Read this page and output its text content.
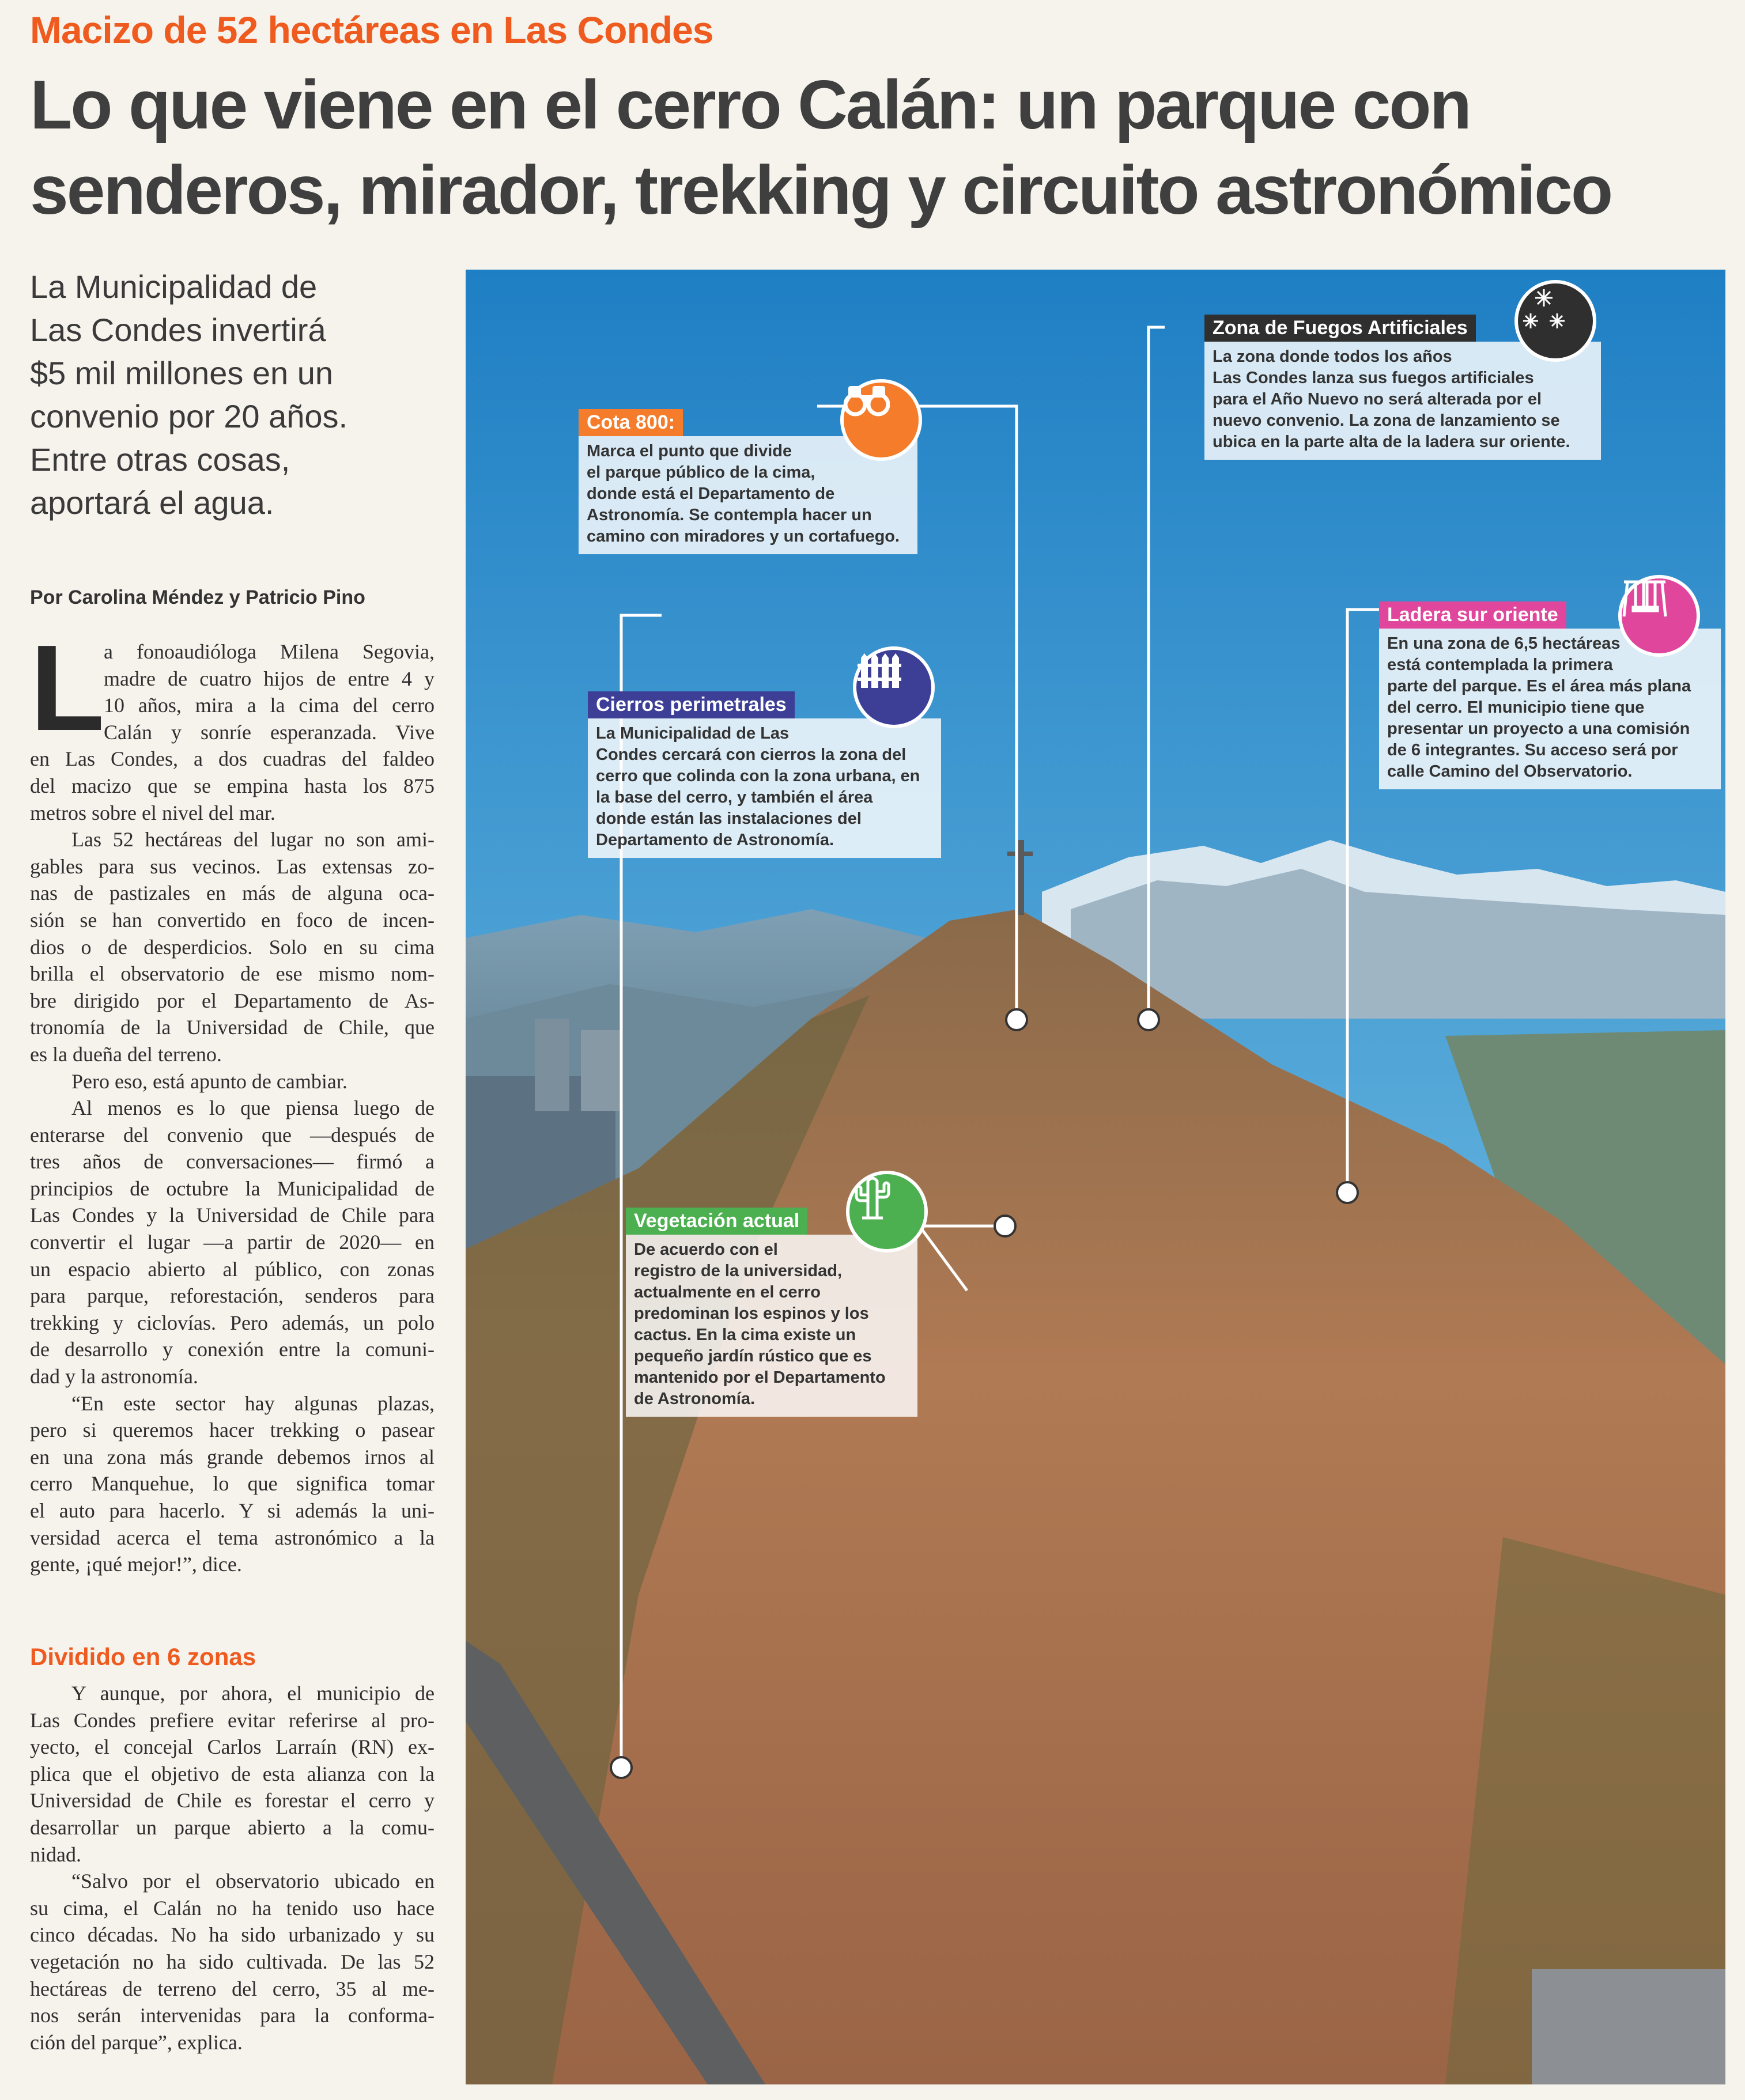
Macizo de 52 hectáreas en Las Condes
Lo que viene en el cerro Calán: un parque con
senderos, mirador, trekking y circuito astronómico
La Municipalidad de
Las Condes invertirá
$5 mil millones en un
convenio por 20 años.
Entre otras cosas,
aportará el agua.
Por Carolina Méndez y Patricio Pino
L
a fonoaudióloga Milena Segovia,
madre de cuatro hijos de entre 4 y
10 años, mira a la cima del cerro
Calán y sonríe esperanzada. Vive
en Las Condes, a dos cuadras del faldeo
del macizo que se empina hasta los 875
metros sobre el nivel del mar.
Las 52 hectáreas del lugar no son ami-
gables para sus vecinos. Las extensas zo-
nas de pastizales en más de alguna oca-
sión se han convertido en foco de incen-
dios o de desperdicios. Solo en su cima
brilla el observatorio de ese mismo nom-
bre dirigido por el Departamento de As-
tronomía de la Universidad de Chile, que
es la dueña del terreno.
Pero eso, está apunto de cambiar.
Al menos es lo que piensa luego de
enterarse del convenio que —después de
tres años de conversaciones— firmó a
principios de octubre la Municipalidad de
Las Condes y la Universidad de Chile para
convertir el lugar —a partir de 2020— en
un espacio abierto al público, con zonas
para parque, reforestación, senderos para
trekking y ciclovías. Pero además, un polo
de desarrollo y conexión entre la comuni-
dad y la astronomía.
“En este sector hay algunas plazas,
pero si queremos hacer trekking o pasear
en una zona más grande debemos irnos al
cerro Manquehue, lo que significa tomar
el auto para hacerlo. Y si además la uni-
versidad acerca el tema astronómico a la
gente, ¡qué mejor!”, dice.
Dividido en 6 zonas
Y aunque, por ahora, el municipio de
Las Condes prefiere evitar referirse al pro-
yecto, el concejal Carlos Larraín (RN) ex-
plica que el objetivo de esta alianza con la
Universidad de Chile es forestar el cerro y
desarrollar un parque abierto a la comu-
nidad.
“Salvo por el observatorio ubicado en
su cima, el Calán no ha tenido uso hace
cinco décadas. No ha sido urbanizado y su
vegetación no ha sido cultivada. De las 52
hectáreas de terreno del cerro, 35 al me-
nos serán intervenidas para la conforma-
ción del parque”, explica.
Cota 800:
Marca el punto que divide
el parque público de la cima,
donde está el Departamento de
Astronomía. Se contempla hacer un
camino con miradores y un cortafuego.
Zona de Fuegos Artificiales
La zona donde todos los años
Las Condes lanza sus fuegos artificiales
para el Año Nuevo no será alterada por el
nuevo convenio. La zona de lanzamiento se
ubica en la parte alta de la ladera sur oriente.
Ladera sur oriente
En una zona de 6,5 hectáreas
está contemplada la primera
parte del parque. Es el área más plana
del cerro. El municipio tiene que
presentar un proyecto a una comisión
de 6 integrantes. Su acceso será por
calle Camino del Observatorio.
Cierros perimetrales
La Municipalidad de Las
Condes cercará con cierros la zona del
cerro que colinda con la zona urbana, en
la base del cerro, y también el área
donde están las instalaciones del
Departamento de Astronomía.
Vegetación actual
De acuerdo con el
registro de la universidad,
actualmente en el cerro
predominan los espinos y los
cactus. En la cima existe un
pequeño jardín rústico que es
mantenido por el Departamento
de Astronomía.
